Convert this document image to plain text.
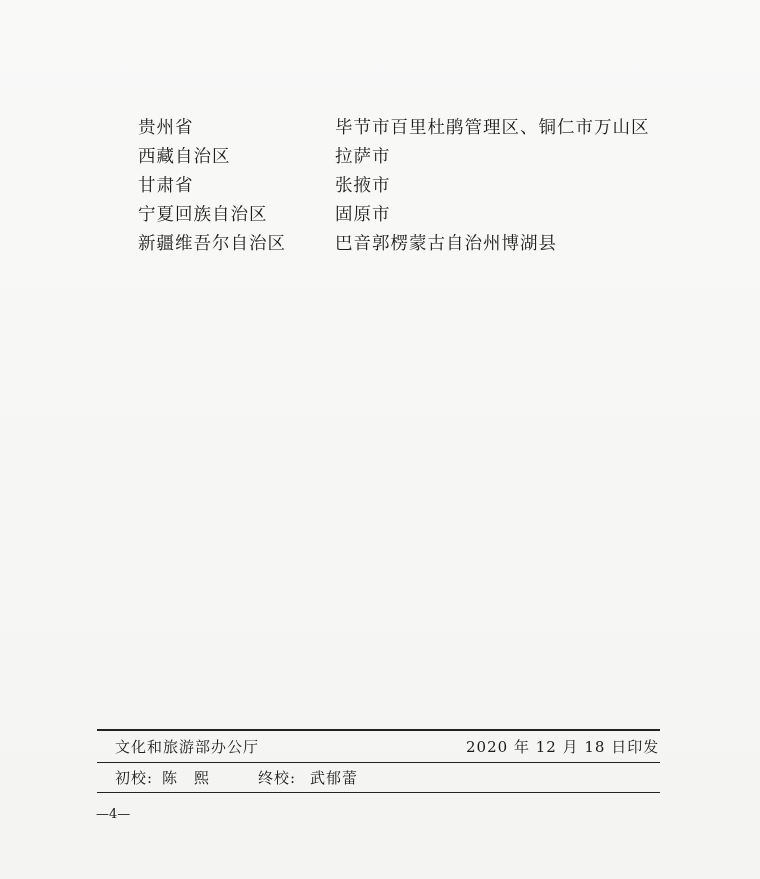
贵州省	毕节市百里杜鹃管理区、铜仁市万山区
西藏自治区	拉萨市
甘肃省	张掖市
宁夏回族自治区	固原市
新疆维吾尔自治区	巴音郭楞蒙古自治州博湖县
文化和旅游部办公厅	2020 年 12 月 18 日印发
初校: 陈　熙	终校: 武郁蕾
—4—
